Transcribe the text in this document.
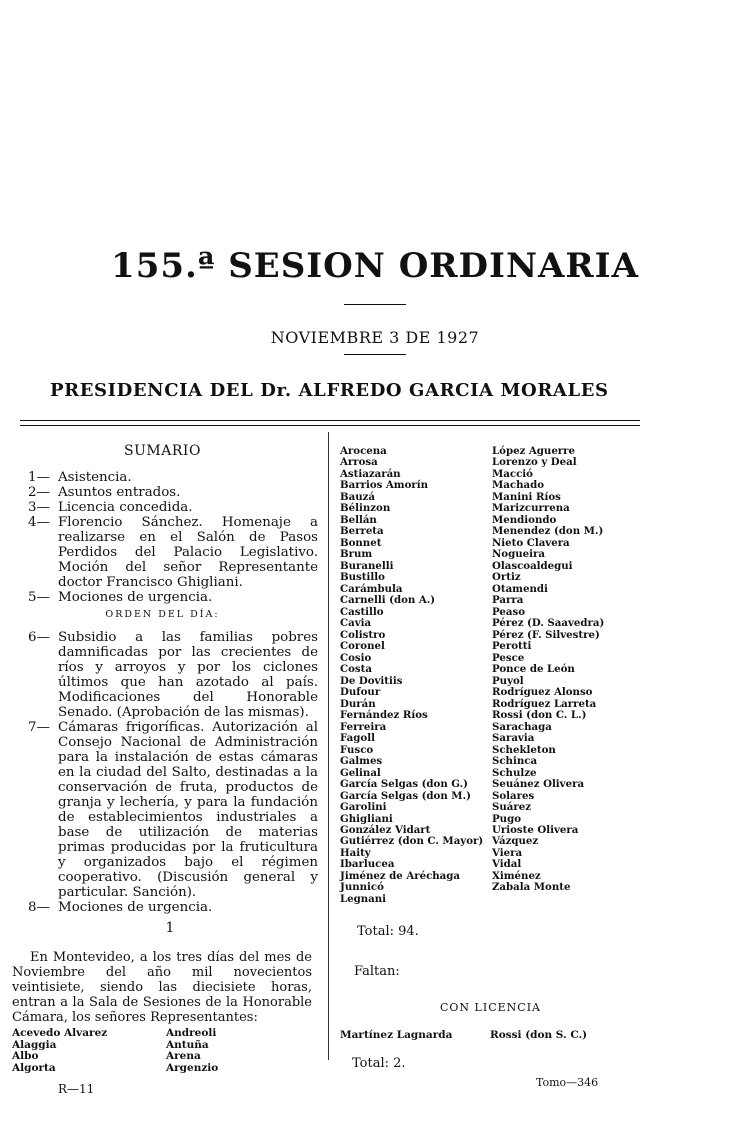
155.ª SESION ORDINARIA
NOVIEMBRE 3 DE 1927
PRESIDENCIA DEL Dr. ALFREDO GARCIA MORALES
SUMARIO
1— Asistencia.
2— Asuntos entrados.
3— Licencia concedida.
4— Florencio Sánchez. Homenaje a realizarse en el Salón de Pasos Perdidos del Palacio Legislativo. Moción del señor Representante doctor Francisco Ghigliani.
5— Mociones de urgencia.
ORDEN DEL DÍA:
6— Subsidio a las familias pobres damnificadas por las crecientes de ríos y arroyos y por los ciclones últimos que han azotado al país. Modificaciones del Honorable Senado. (Aprobación de las mismas).
7— Cámaras frigoríficas. Autorización al Consejo Nacional de Administración para la instalación de estas cámaras en la ciudad del Salto, destinadas a la conservación de fruta, productos de granja y lechería, y para la fundación de establecimientos industriales a base de utilización de materias primas producidas por la fruticultura y organizados bajo el régimen cooperativo. (Discusión general y particular. Sanción).
8— Mociones de urgencia.
1
En Montevideo, a los tres días del mes de Noviembre del año mil novecientos veintisiete, siendo las diecisiete horas, entran a la Sala de Sesiones de la Honorable Cámara, los señores Representantes:
Acevedo Alvarez	Andreoli
Alaggia	Antuña
Albo	Arena
Algorta	Argenzio
R—11
Arocena
Arrosa
Astiazarán
Barrios Amorín
Bauzá
Bélinzon
Bellán
Berreta
Bonnet
Brum
Buranelli
Bustillo
Carámbula
Carnelli (don A.)
Castillo
Cavia
Colistro
Coronel
Cosio
Costa
De Dovitiis
Dufour
Durán
Fernández Ríos
Ferreira
Fagoll
Fusco
Galmes
Gelinal
García Selgas (don G.)
García Selgas (don M.)
Garolini
Ghigliani
González Vidart
Gutiérrez (don C. Mayor)
Haity
Ibarlucea
Jiménez de Aréchaga
Junnicó
Legnani
López Aguerre
Lorenzo y Deal
Macció
Machado
Manini Ríos
Marizcurrena
Mendiondo
Menendez (don M.)
Nieto Clavera
Nogueira
Olascoaldegui
Ortiz
Otamendi
Parra
Peaso
Pérez (D. Saavedra)
Pérez (F. Silvestre)
Perotti
Pesce
Ponce de León
Puyol
Rodríguez Alonso
Rodríguez Larreta
Rossi (don C. L.)
Sarachaga
Saravia
Schekleton
Schinca
Schulze
Seuánez Olivera
Solares
Suárez
Pugo
Urioste Olivera
Vázquez
Viera
Vidal
Ximénez
Zabala Monte
Total: 94.
Faltan:
CON LICENCIA
Martínez Lagnarda	Rossi (don S. C.)
Total: 2.
Tomo—346
